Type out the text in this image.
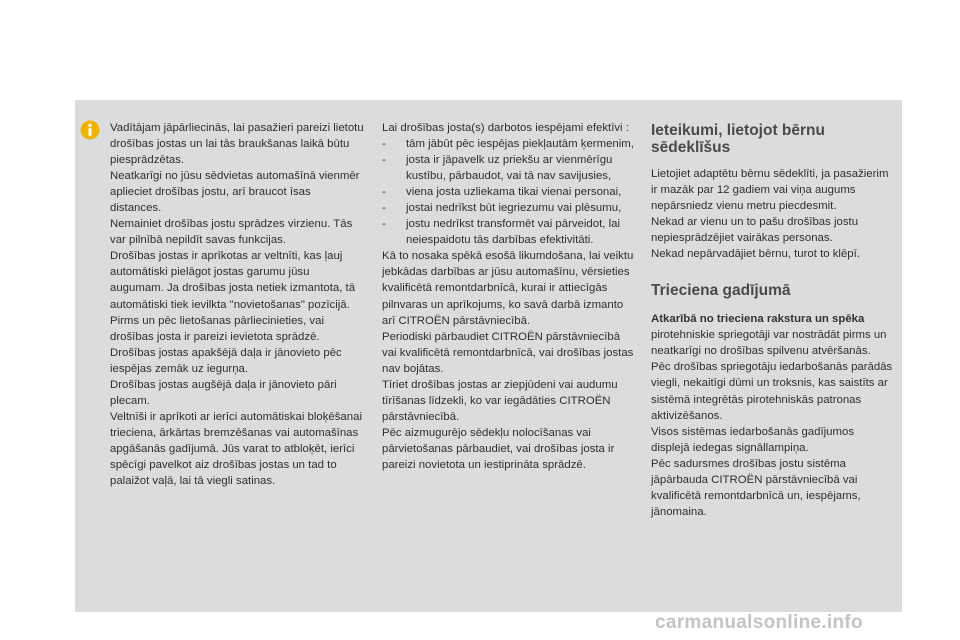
Vadītājam jāpārliecinās, lai pasažieri pareizi lietotu drošības jostas un lai tās braukšanas laikā būtu piesprādzētas.

Neatkarīgi no jūsu sēdvietas automašīnā vienmēr aplieciet drošības jostu, arī braucot īsas distances.

Nemainiet drošības jostu sprādzes virzienu. Tās var pilnībā nepildīt savas funkcijas.

Drošības jostas ir aprīkotas ar veltnīti, kas ļauj automātiski pielāgot jostas garumu jūsu augumam. Ja drošības josta netiek izmantota, tā automātiski tiek ievilkta "novietošanas" pozīcijā.

Pirms un pēc lietošanas pārliecinieties, vai drošības josta ir pareizi ievietota sprādzē.

Drošības jostas apakšējā daļa ir jānovieto pēc iespējas zemāk uz iegurņa.

Drošības jostas augšējā daļa ir jānovieto pāri plecam.

Veltnīši ir aprīkoti ar ierīci automātiskai bloķēšanai trieciena, ārkārtas bremzēšanas vai automašīnas apgāšanās gadījumā. Jūs varat to atbloķēt, ierīci spēcīgi pavelkot aiz drošības jostas un tad to palaižot vaļā, lai tā viegli satinas.

Lai drošības josta(s) darbotos iespējami efektīvi :

- tām jābūt pēc iespējas piekļautām ķermenim,
- josta ir jāpavelk uz priekšu ar vienmērīgu kustību, pārbaudot, vai tā nav savijusies,
- viena josta uzliekama tikai vienai personai,
- jostai nedrīkst būt iegriezumu vai plēsumu,
- jostu nedrīkst transformēt vai pārveidot, lai neiespaidotu tās darbības efektivitāti.

Kā to nosaka spēkā esošā likumdošana, lai veiktu jebkādas darbības ar jūsu automašīnu, vērsieties kvalificētā remontdarbnīcā, kurai ir attiecīgās pilnvaras un aprīkojums, ko savā darbā izmanto arī CITROËN pārstāvniecībā.

Periodiski pārbaudiet CITROËN pārstāvniecībā vai kvalificētā remontdarbnīcā, vai drošības jostas nav bojātas.

Tīriet drošības jostas ar ziepjūdeni vai audumu tīrīšanas līdzekli, ko var iegādāties CITROËN pārstāvniecībā.

Pēc aizmugurējo sēdekļu nolocīšanas vai pārvietošanas pārbaudiet, vai drošības josta ir pareizi novietota un iestiprināta sprādzē.

Ieteikumi, lietojot bērnu sēdeklīšus

Lietojiet adaptētu bērnu sēdeklīti, ja pasažierim ir mazāk par 12 gadiem vai viņa augums nepārsniedz vienu metru piecdesmit.

Nekad ar vienu un to pašu drošības jostu nepiesprādzējiet vairākas personas.

Nekad nepārvadājiet bērnu, turot to klēpī.

Trieciena gadījumā

Atkarībā no trieciena rakstura un spēka

pirotehniskie spriegotāji var nostrādāt pirms un neatkarīgi no drošības spilvenu atvēršanās. Pēc drošības spriegotāju iedarbošanās parādās viegli, nekaitīgi dūmi un troksnis, kas saistīts ar sistēmā integrētās pirotehniskās patronas aktivizēšanos.

Visos sistēmas iedarbošanās gadījumos displejā iedegas signāllampiņa.

Pēc sadursmes drošības jostu sistēma jāpārbauda CITROËN pārstāvniecībā vai kvalificētā remontdarbnīcā un, iespējams, jānomaina.

carmanualsonline.info
